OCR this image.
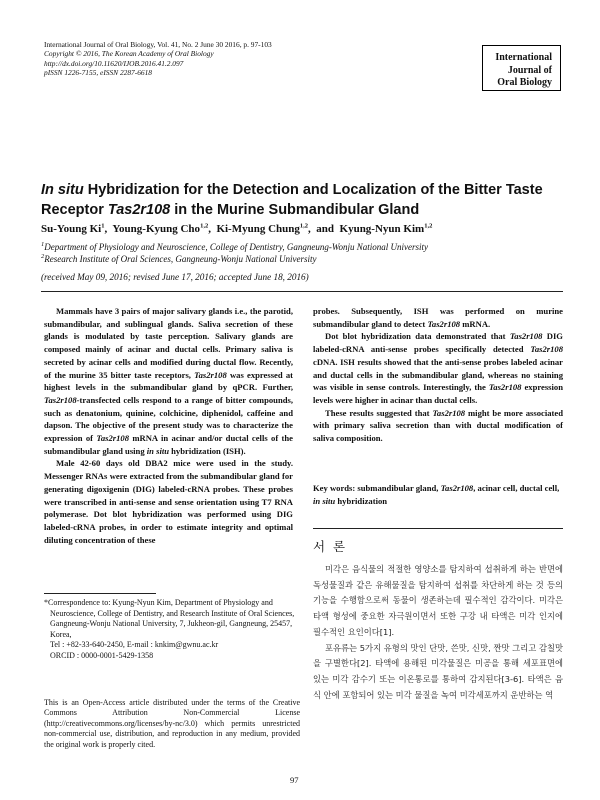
International Journal of Oral Biology, Vol. 41, No. 2 June 30 2016, p. 97-103
Copyright © 2016, The Korean Academy of Oral Biology
http://dx.doi.org/10.11620/IJOB.2016.41.2.097
pISSN 1226-7155, eISSN 2287-6618
International
Journal of
Oral Biology
In situ Hybridization for the Detection and Localization of the Bitter Taste Receptor Tas2r108 in the Murine Submandibular Gland
Su-Young Ki$^1$,  Young-Kyung Cho$^{1,2}$,  Ki-Myung Chung$^{1,2}$,  and  Kyung-Nyun Kim$^{1,2}$
$^1$Department of Physiology and Neuroscience, College of Dentistry, Gangneung-Wonju National University
$^2$Research Institute of Oral Sciences, Gangneung-Wonju National University
(received May 09, 2016; revised June 17, 2016; accepted June 18, 2016)

Mammals have 3 pairs of major salivary glands i.e., the parotid, submandibular, and sublingual glands. Saliva secretion of these glands is modulated by taste perception. Salivary glands are composed mainly of acinar and ductal cells. Primary saliva is secreted by acinar cells and modified during ductal flow. Recently, of the murine 35 bitter taste receptors, Tas2r108 was expressed at highest levels in the submandibular gland by qPCR. Further, Tas2r108-transfected cells respond to a range of bitter compounds, such as denatonium, quinine, colchicine, diphenidol, caffeine and dapson. The objective of the present study was to characterize the expression of Tas2r108 mRNA in acinar and/or ductal cells of the submandibular gland using in situ hybridization (ISH).

Male 42-60 days old DBA2 mice were used in the study. Messenger RNAs were extracted from the submandibular gland for generating digoxigenin (DIG) labeled-cRNA probes. These probes were transcribed in anti-sense and sense orientation using T7 RNA polymerase. Dot blot hybridization was performed using DIG labeled-cRNA probes, in order to estimate integrity and optimal diluting concentration of these

*Correspondence to: Kyung-Nyun Kim, Department of Physiology and Neuroscience, College of Dentistry, and Research Institute of Oral Sciences, Gangneung-Wonju National University, 7, Jukheon-gil, Gangneung, 25457, Korea,

Tel : +82-33-640-2450, E-mail : knkim@gwnu.ac.kr

ORCID : 0000-0001-5429-1358

This is an Open-Access article distributed under the terms of the Creative Commons Attribution Non-Commercial License (http://creativecommons.org/licenses/by-nc/3.0) which permits unrestricted non-commercial use, distribution, and reproduction in any medium, provided the original work is properly cited.

probes. Subsequently, ISH was performed on murine submandibular gland to detect Tas2r108 mRNA.

Dot blot hybridization data demonstrated that Tas2r108 DIG labeled-cRNA anti-sense probes specifically detected Tas2r108 cDNA. ISH results showed that the anti-sense probes labeled acinar and ductal cells in the submandibular gland, whereas no staining was visible in sense controls. Interestingly, the Tas2r108 expression levels were higher in acinar than ductal cells.

These results suggested that Tas2r108 might be more associated with primary saliva secretion than with ductal modification of saliva composition.

Key words: submandibular gland, Tas2r108, acinar cell, ductal cell, in situ hybridization
서 론

미각은 음식물의 적절한 영양소를 탐지하여 섭취하게 하는 반면에 독성물질과 같은 유해물질을 탐지하여 섭취를 차단하게 하는 것 등의 기능을 수행함으로써 동물이 생존하는데 필수적인 감각이다. 미각은 타액 형성에 중요한 자극원이면서 또한 구강 내 타액은 미각 인지에 필수적인 요인이다[1].

포유류는 5가지 유형의 맛인 단맛, 쓴맛, 신맛, 짠맛 그리고 감칠맛을 구별한다[2]. 타액에 용해된 미각물질은 미공을 통해 세포표면에 있는 미각 감수기 또는 이온통로를 통하여 감지된다[3-6]. 타액은 음식 안에 포함되어 있는 미각 물질을 녹여 미각세포까지 운반하는 역

97
